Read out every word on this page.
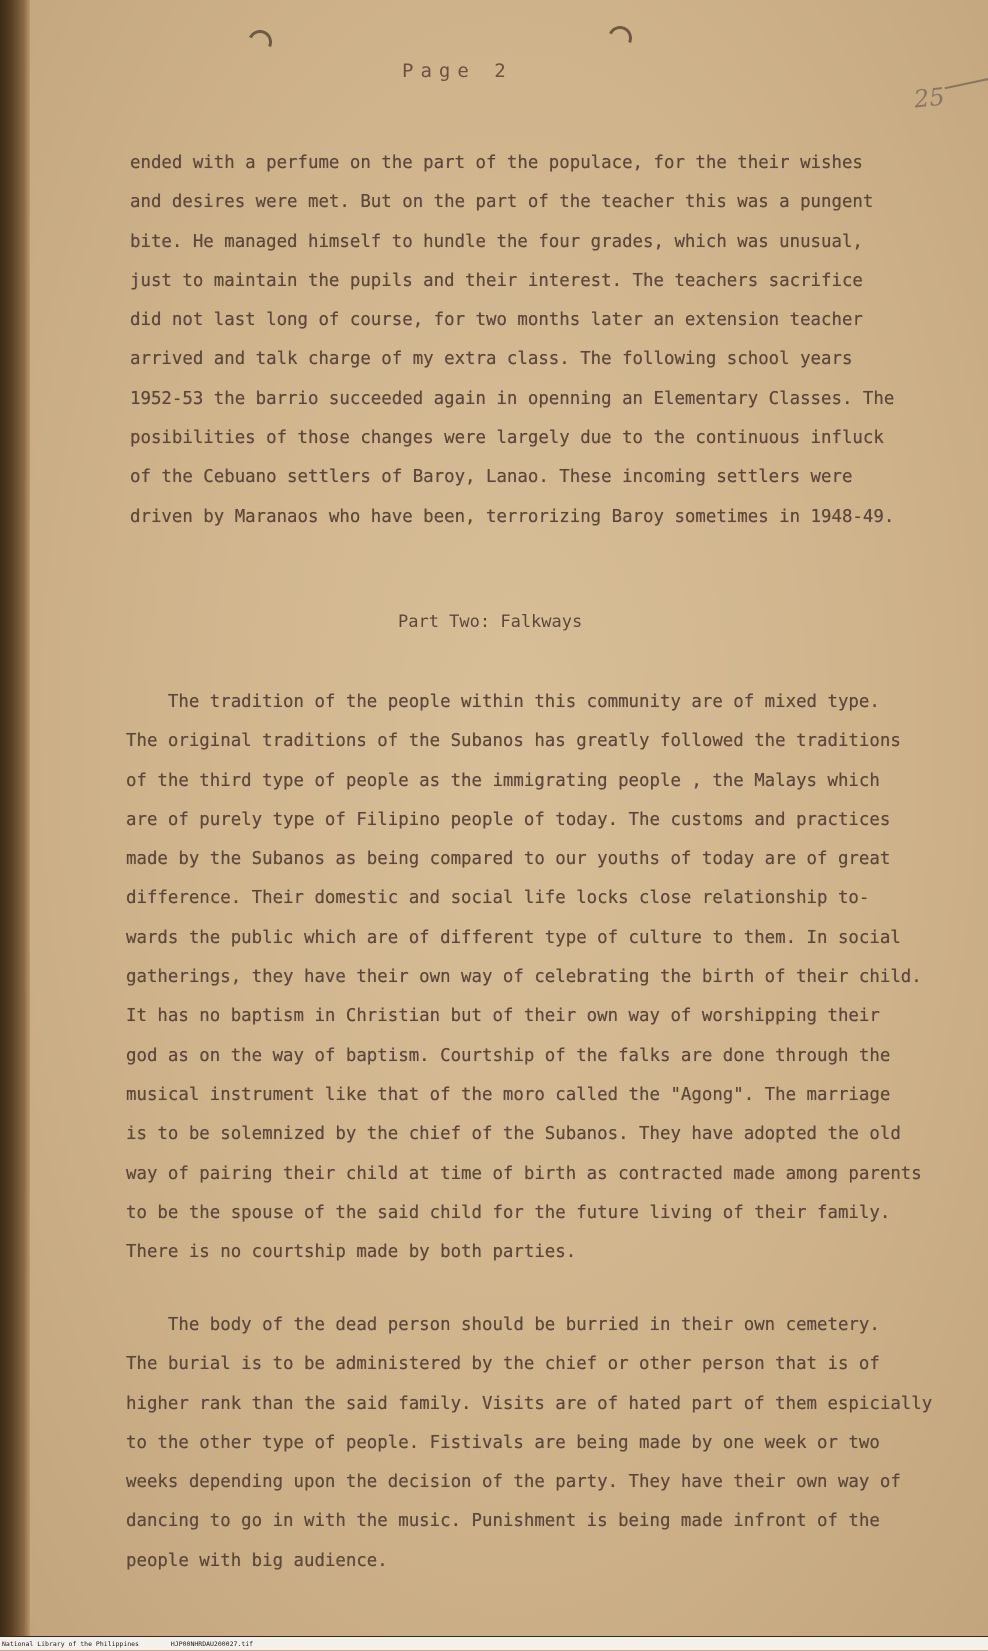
Page 2
25
ended with a perfume on the part of the populace, for the their wishes
and desires were met. But on the part of the teacher this was a pungent
bite. He managed himself to hundle the four grades, which was unusual,
just to maintain the pupils and their interest. The teachers sacrifice
did not last long of course, for two months later an extension teacher
arrived and talk charge of my extra class. The following school years
1952-53 the barrio succeeded again in openning an Elementary Classes. The
posibilities of those changes were largely due to the continuous influck
of the Cebuano settlers of Baroy, Lanao. These incoming settlers were
driven by Maranaos who have been, terrorizing Baroy sometimes in 1948-49.
Part Two: Falkways
The tradition of the people within this community are of mixed type.
The original traditions of the Subanos has greatly followed the traditions
of the third type of people as the immigrating people , the Malays which
are of purely type of Filipino people of today. The customs and practices
made by the Subanos as being compared to our youths of today are of great
difference. Their domestic and social life locks close relationship to-
wards the public which are of different type of culture to them. In social
gatherings, they have their own way of celebrating the birth of their child.
It has no baptism in Christian but of their own way of worshipping their
god as on the way of baptism. Courtship of the falks are done through the
musical instrument like that of the moro called the "Agong". The marriage
is to be solemnized by the chief of the Subanos. They have adopted the old
way of pairing their child at time of birth as contracted made among parents
to be the spouse of the said child for the future living of their family.
There is no courtship made by both parties.
The body of the dead person should be burried in their own cemetery.
The burial is to be administered by the chief or other person that is of
higher rank than the said family. Visits are of hated part of them espicially
to the other type of people. Fistivals are being made by one week or two
weeks depending upon the decision of the party. They have their own way of
dancing to go in with the music. Punishment is being made infront of the
people with big audience.
National Library of the Philippines	HJP00NHRDAU200027.tif
